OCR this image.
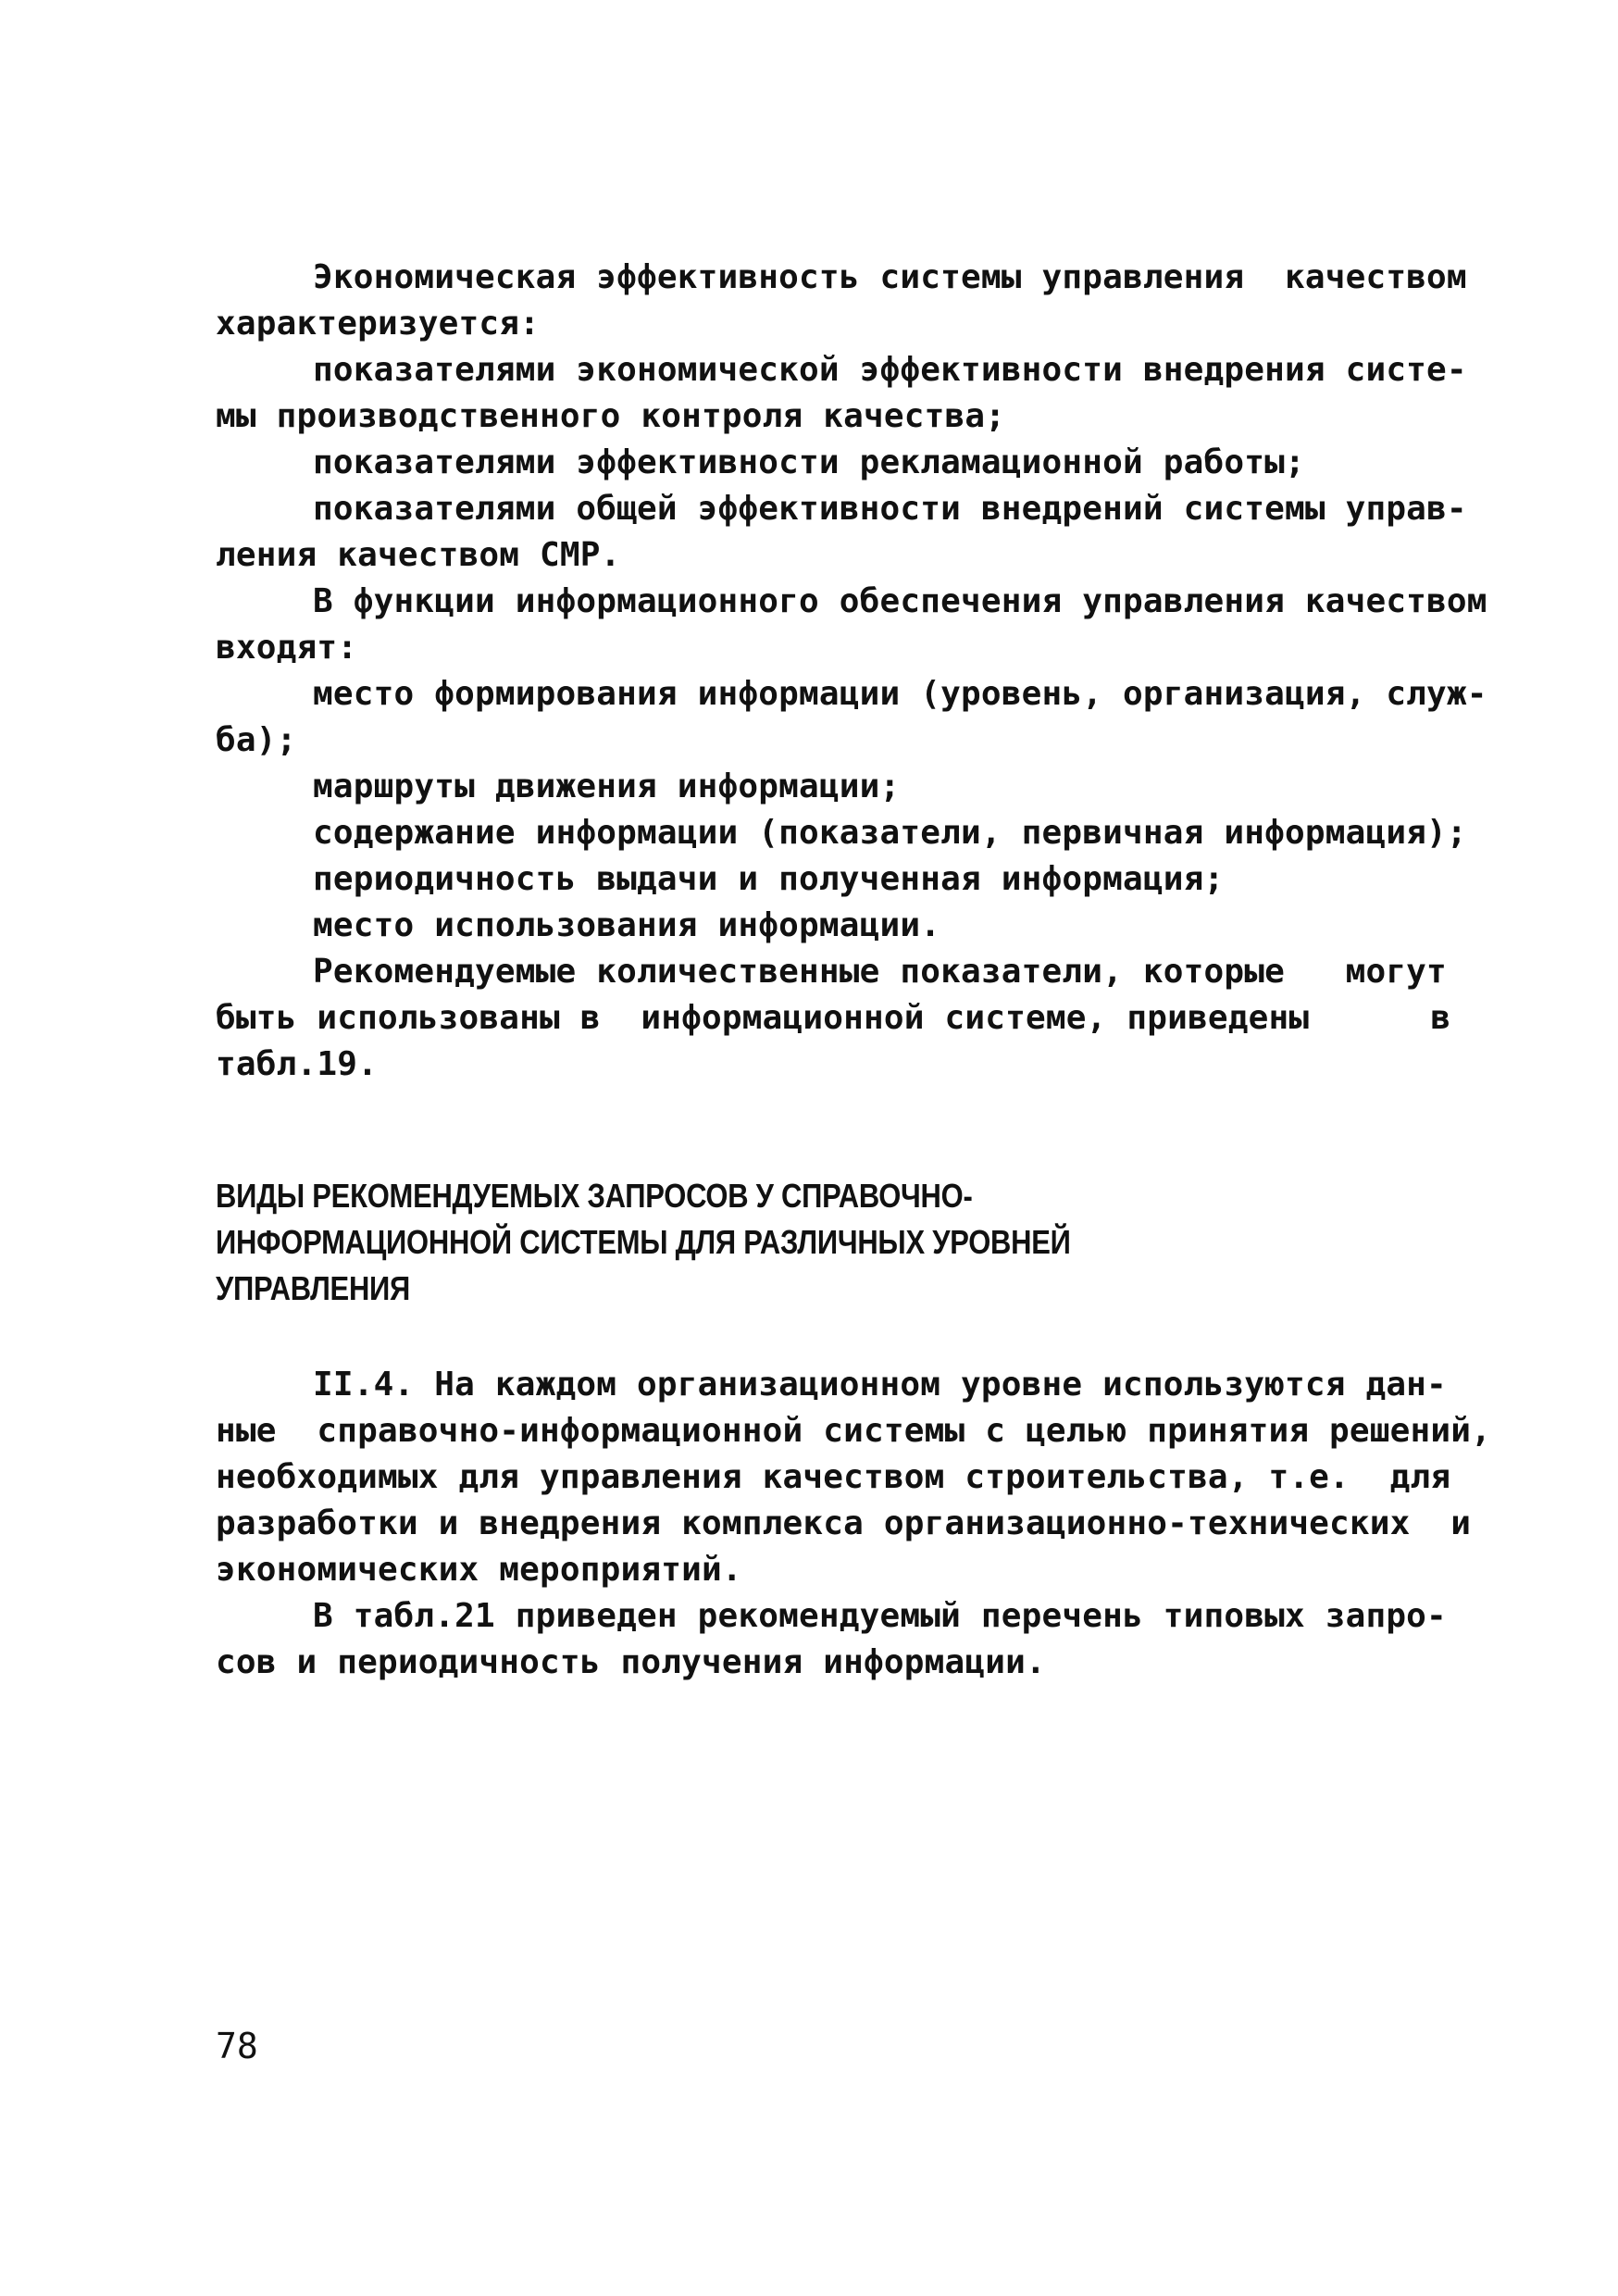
Экономическая эффективность системы управления  качеством
характеризуется:
показателями экономической эффективности внедрения систе-
мы производственного контроля качества;
показателями эффективности рекламационной работы;
показателями общей эффективности внедрений системы управ-
ления качеством СМР.
В функции информационного обеспечения управления качеством
входят:
место формирования информации (уровень, организация, служ-
ба);
маршруты движения информации;
содержание информации (показатели, первичная информация);
периодичность выдачи и полученная информация;
место использования информации.
Рекомендуемые количественные показатели, которые   могут
быть использованы в  информационной системе, приведены      в
табл.19.
ВИДЫ РЕКОМЕНДУЕМЫХ ЗАПРОСОВ У СПРАВОЧНО-
ИНФОРМАЦИОННОЙ СИСТЕМЫ ДЛЯ РАЗЛИЧНЫХ УРОВНЕЙ
УПРАВЛЕНИЯ
II.4. На каждом организационном уровне используются дан-
ные  справочно-информационной системы с целью принятия решений,
необходимых для управления качеством строительства, т.е.  для
разработки и внедрения комплекса организационно-технических  и
экономических мероприятий.
В табл.21 приведен рекомендуемый перечень типовых запро-
сов и периодичность получения информации.
78
